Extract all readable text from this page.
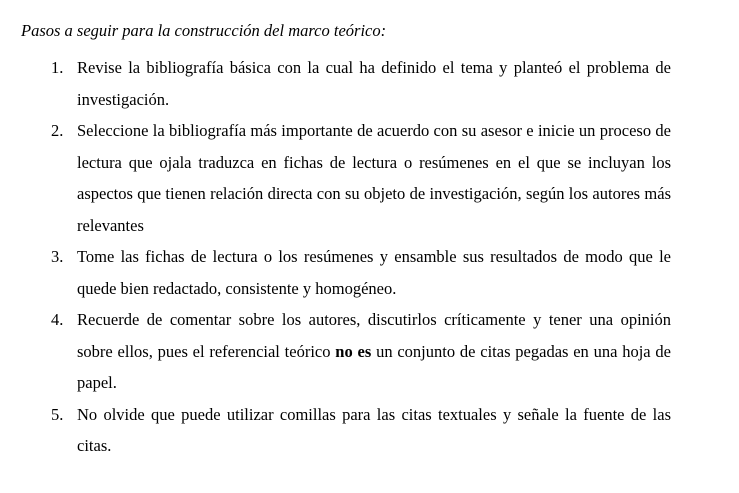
Pasos a seguir para la construcción del marco teórico:
1. Revise la bibliografía básica con la cual ha definido el tema y planteó el problema de investigación.
2. Seleccione la bibliografía más importante de acuerdo con su asesor e inicie un proceso de lectura que ojala traduzca en fichas de lectura o resúmenes en el que se incluyan los aspectos que tienen relación directa con su objeto de investigación, según los autores más relevantes
3. Tome las fichas de lectura o los resúmenes y ensamble sus resultados de modo que le quede bien redactado, consistente y homogéneo.
4. Recuerde de comentar sobre los autores, discutirlos críticamente y tener una opinión sobre ellos, pues el referencial teórico no es un conjunto de citas pegadas en una hoja de papel.
5. No olvide que puede utilizar comillas para las citas textuales y señale la fuente de las citas.
